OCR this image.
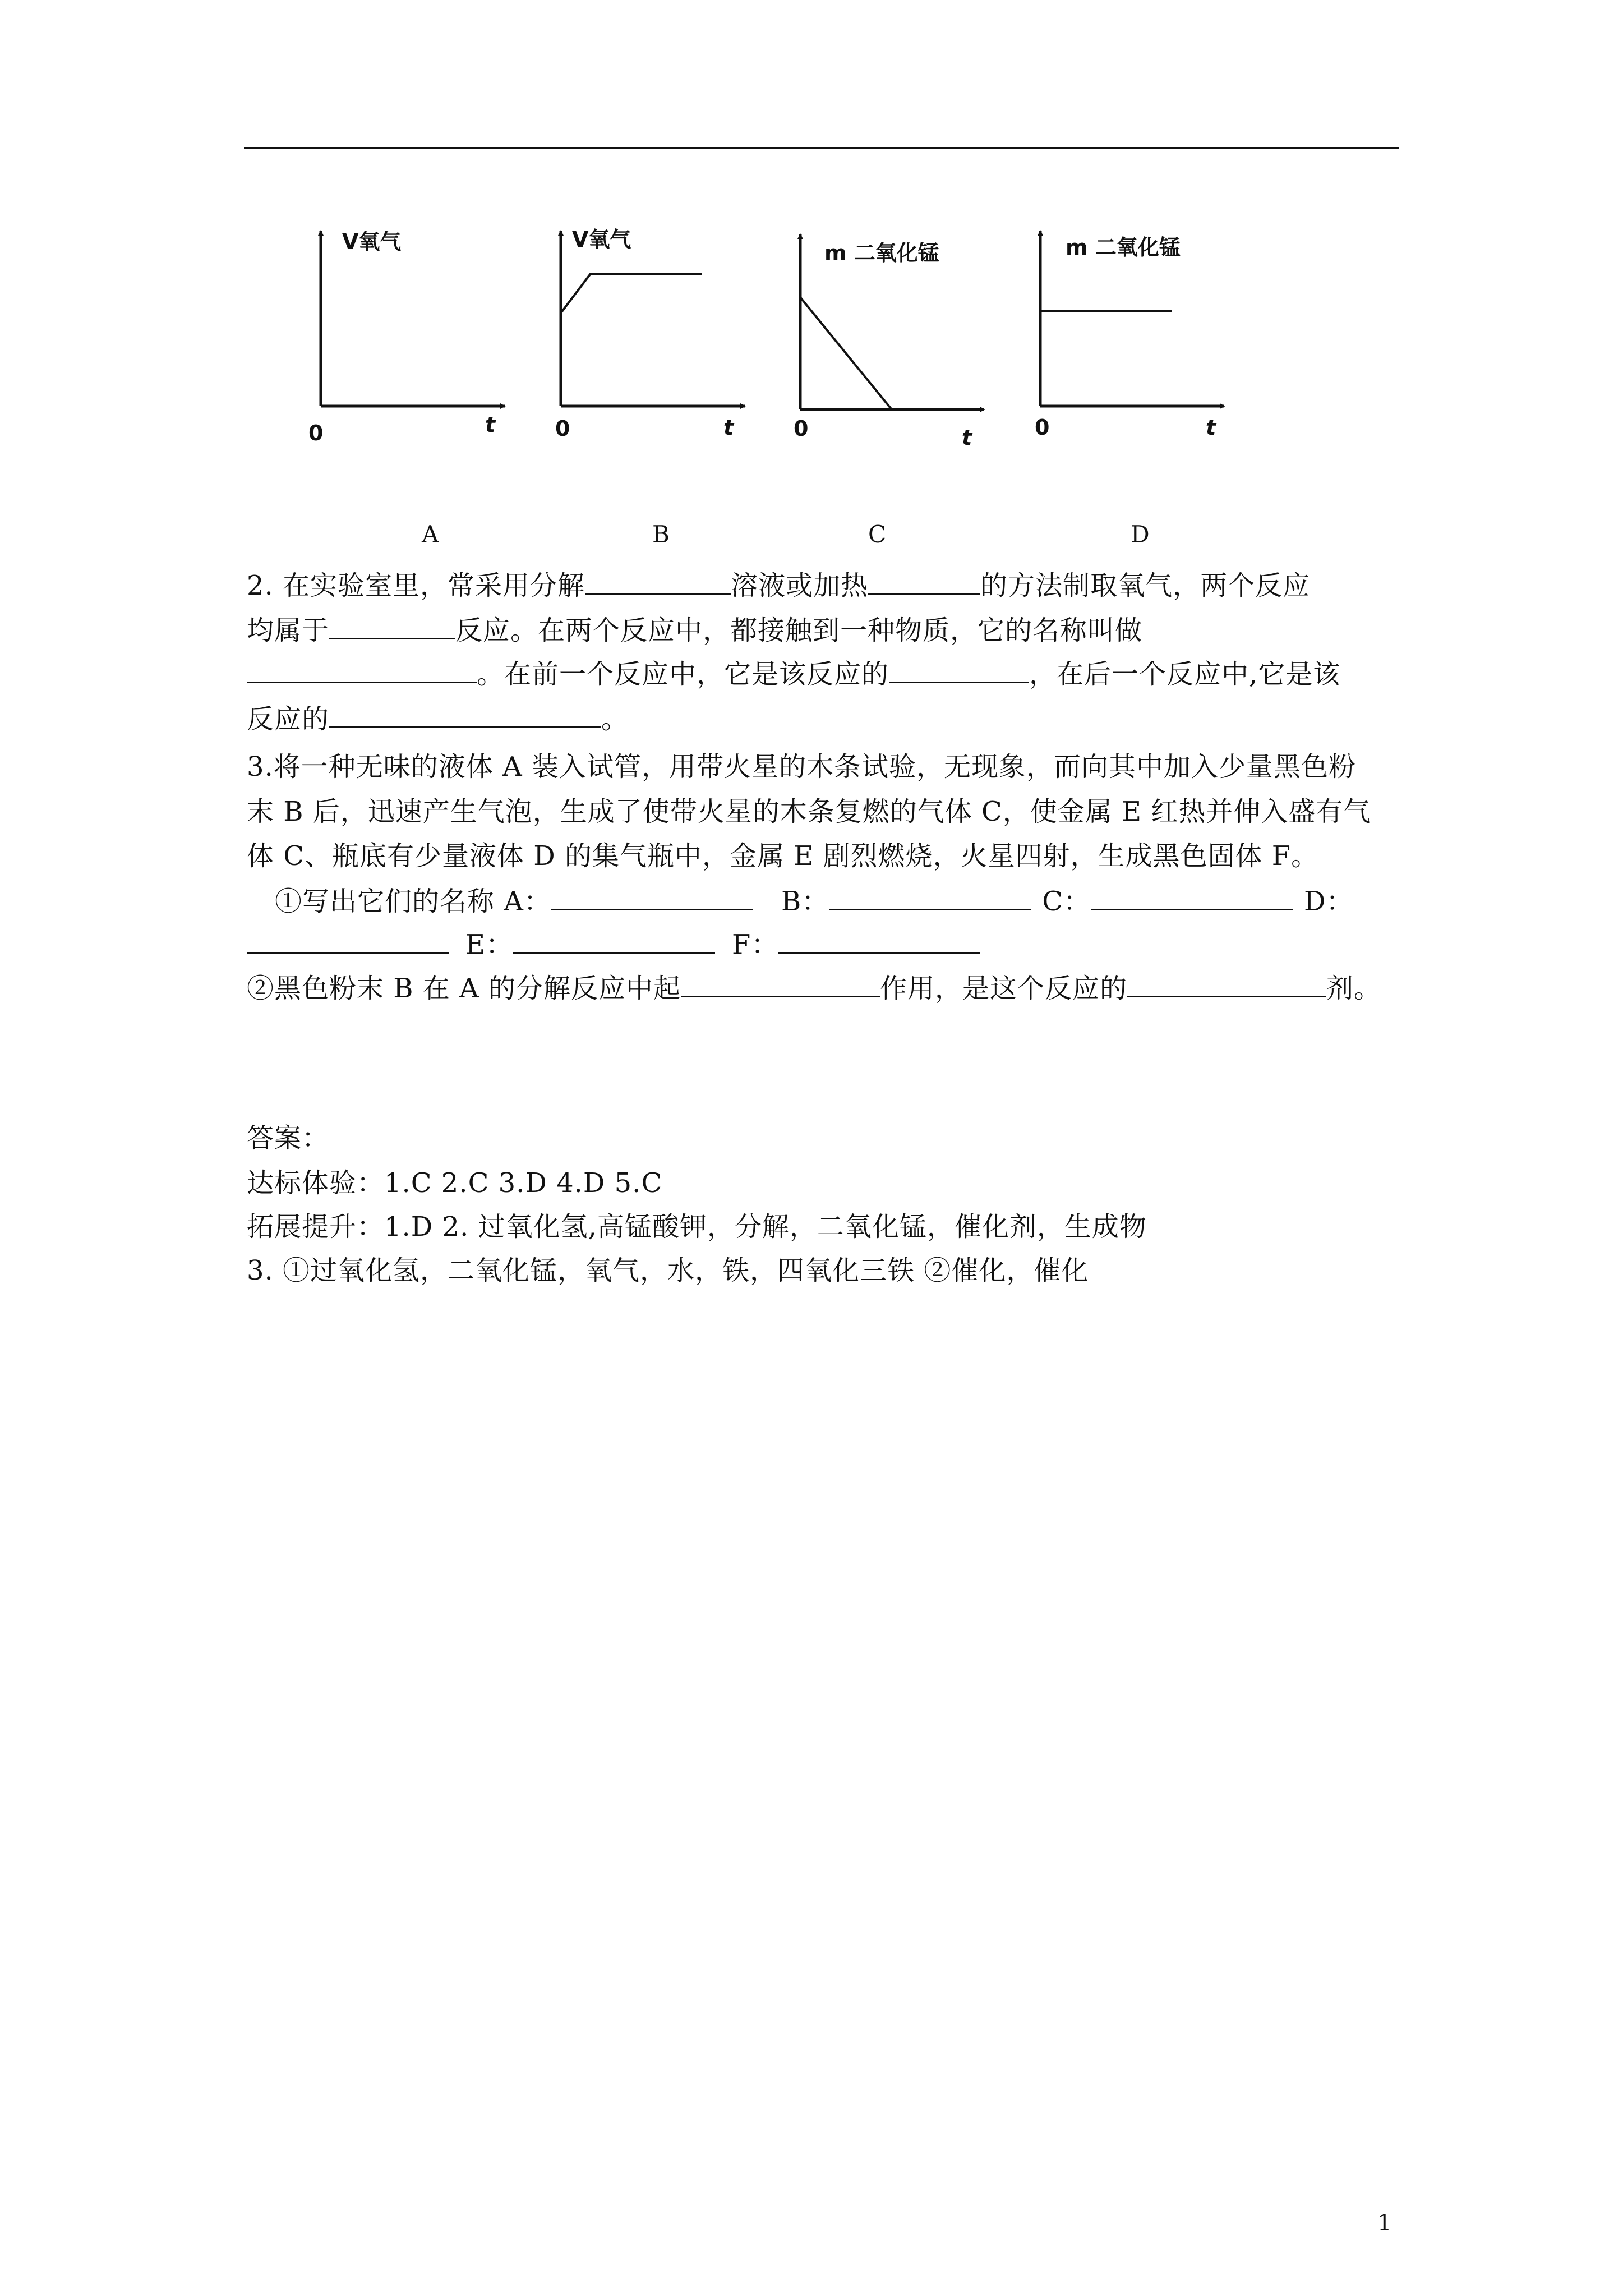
V氧气
0	t
V氧气
0	t
m 二氧化锰
0	t
m 二氧化锰
0	t
A	B	C	D
2. 在实验室里，常采用分解	溶液或加热	的方法制取氧气，两个反应
均属于	反应。在两个反应中，都接触到一种物质，它的名称叫做
。在前一个反应中，它是该反应的	，在后一个反应中,它是该
反应的	。
3.将一种无味的液体 A 装入试管，用带火星的木条试验，无现象，而向其中加入少量黑色粉
末 B 后，迅速产生气泡，生成了使带火星的木条复燃的气体 C，使金属 E 红热并伸入盛有气
体 C、瓶底有少量液体 D 的集气瓶中，金属 E 剧烈燃烧，火星四射，生成黑色固体 F。
①写出它们的名称 A：	B：	C：	D：
E：	F：
②黑色粉末 B 在 A 的分解反应中起	作用，是这个反应的	剂。
答案：
达标体验：1.C 2.C 3.D 4.D 5.C
拓展提升：1.D 2. 过氧化氢,高锰酸钾，分解，二氧化锰，催化剂，生成物
3. ①过氧化氢，二氧化锰，氧气，水，铁，四氧化三铁 ②催化，催化
1
